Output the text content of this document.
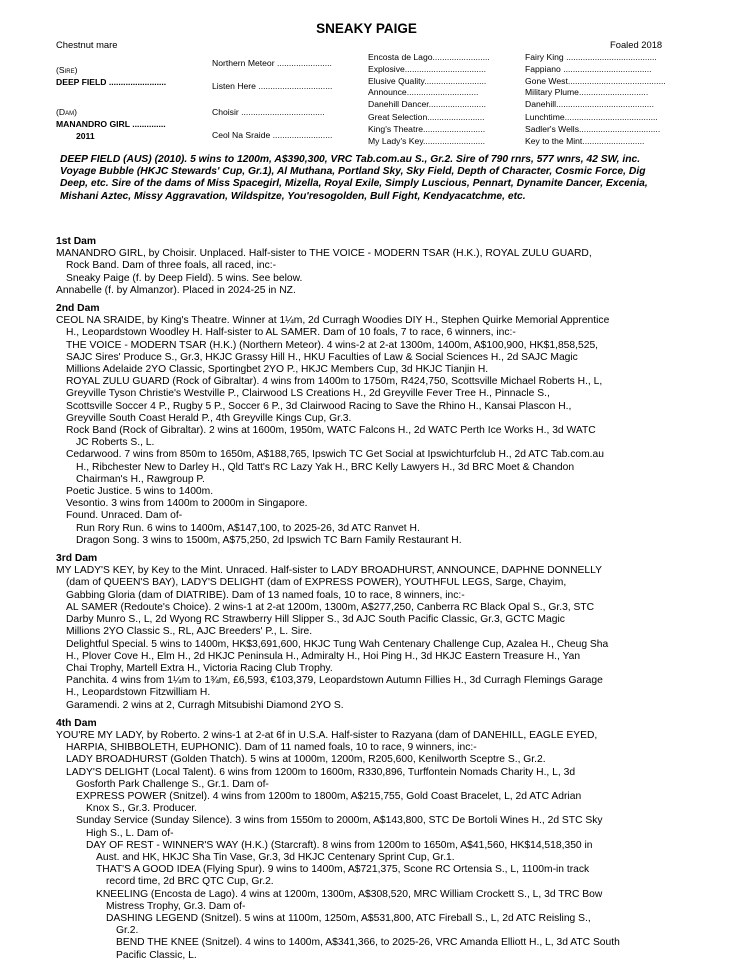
SNEAKY PAIGE
Chestnut mare	Foaled 2018
(Sire)
DEEP FIELD ........................
(Dam)
MANANDRO GIRL ..............
2011
Northern Meteor .......................
Listen Here ...............................
Choisir ...................................
Ceol Na Sraide .........................
Encosta de Lago........................
Explosive..................................
Elusive Quality..........................
Announce..............................
Danehill Dancer........................
Great Selection........................
King's Theatre..........................
My Lady's Key..........................
Fairy King ......................................
Fappiano .....................................
Gone West.........................................
Military Plume.............................
Danehill.........................................
Lunchtime.......................................
Sadler's Wells..................................
Key to the Mint..........................
DEEP FIELD (AUS) (2010). 5 wins to 1200m, A$390,300, VRC Tab.com.au S., Gr.2. Sire of 790 rnrs, 577 wnrs, 42 SW, inc. Voyage Bubble (HKJC Stewards' Cup, Gr.1), Al Muthana, Portland Sky, Sky Field, Depth of Character, Cosmic Force, Dig Deep, etc. Sire of the dams of Miss Spacegirl, Mizella, Royal Exile, Simply Luscious, Pennart, Dynamite Dancer, Excenia, Mishani Aztec, Missy Aggravation, Wildspitze, You'resogolden, Bull Fight, Kendyacatchme, etc.
1st Dam
MANANDRO GIRL, by Choisir. Unplaced. Half-sister to THE VOICE - MODERN TSAR (H.K.), ROYAL ZULU GUARD,
Rock Band. Dam of three foals, all raced, inc:-
Sneaky Paige (f. by Deep Field). 5 wins. See below.
Annabelle (f. by Almanzor). Placed in 2024-25 in NZ.
2nd Dam
CEOL NA SRAIDE, by King's Theatre. Winner at 1¼m, 2d Curragh Woodies DIY H., Stephen Quirke Memorial Apprentice
H., Leopardstown Woodley H. Half-sister to AL SAMER. Dam of 10 foals, 7 to race, 6 winners, inc:-
THE VOICE - MODERN TSAR (H.K.) (Northern Meteor). 4 wins-2 at 2-at 1300m, 1400m, A$100,900, HK$1,858,525,
SAJC Sires' Produce S., Gr.3, HKJC Grassy Hill H., HKU Faculties of Law & Social Sciences H., 2d SAJC Magic
Millions Adelaide 2YO Classic, Sportingbet 2YO P., HKJC Members Cup, 3d HKJC Tianjin H.
ROYAL ZULU GUARD (Rock of Gibraltar). 4 wins from 1400m to 1750m, R424,750, Scottsville Michael Roberts H., L,
Greyville Tyson Christie's Westville P., Clairwood LS Creations H., 2d Greyville Fever Tree H., Pinnacle S.,
Scottsville Soccer 4 P., Rugby 5 P., Soccer 6 P., 3d Clairwood Racing to Save the Rhino H., Kansai Plascon H.,
Greyville South Coast Herald P., 4th Greyville Kings Cup, Gr.3.
Rock Band (Rock of Gibraltar). 2 wins at 1600m, 1950m, WATC Falcons H., 2d WATC Perth Ice Works H., 3d WATC
JC Roberts S., L.
Cedarwood. 7 wins from 850m to 1650m, A$188,765, Ipswich TC Get Social at Ipswichturfclub H., 2d ATC Tab.com.au
H., Ribchester New to Darley H., Qld Tatt's RC Lazy Yak H., BRC Kelly Lawyers H., 3d BRC Moet & Chandon
Chairman's H., Rawgroup P.
Poetic Justice. 5 wins to 1400m.
Vesontio. 3 wins from 1400m to 2000m in Singapore.
Found. Unraced. Dam of-
Run Rory Run. 6 wins to 1400m, A$147,100, to 2025-26, 3d ATC Ranvet H.
Dragon Song. 3 wins to 1500m, A$75,250, 2d Ipswich TC Barn Family Restaurant H.
3rd Dam
MY LADY'S KEY, by Key to the Mint. Unraced. Half-sister to LADY BROADHURST, ANNOUNCE, DAPHNE DONNELLY
(dam of QUEEN'S BAY), LADY'S DELIGHT (dam of EXPRESS POWER), YOUTHFUL LEGS, Sarge, Chayim,
Gabbing Gloria (dam of DIATRIBE). Dam of 13 named foals, 10 to race, 8 winners, inc:-
AL SAMER (Redoute's Choice). 2 wins-1 at 2-at 1200m, 1300m, A$277,250, Canberra RC Black Opal S., Gr.3, STC
Darby Munro S., L, 2d Wyong RC Strawberry Hill Slipper S., 3d AJC South Pacific Classic, Gr.3, GCTC Magic
Millions 2YO Classic S., RL, AJC Breeders' P., L. Sire.
Delightful Special. 5 wins to 1400m, HK$3,691,600, HKJC Tung Wah Centenary Challenge Cup, Azalea H., Cheug Sha
H., Plover Cove H., Elm H., 2d HKJC Peninsula H., Admiralty H., Hoi Ping H., 3d HKJC Eastern Treasure H., Yan
Chai Trophy, Martell Extra H., Victoria Racing Club Trophy.
Panchita. 4 wins from 1¼m to 1¾m, £6,593, €103,379, Leopardstown Autumn Fillies H., 3d Curragh Flemings Garage
H., Leopardstown Fitzwilliam H.
Garamendi. 2 wins at 2, Curragh Mitsubishi Diamond 2YO S.
4th Dam
YOU'RE MY LADY, by Roberto. 2 wins-1 at 2-at 6f in U.S.A. Half-sister to Razyana (dam of DANEHILL, EAGLE EYED,
HARPIA, SHIBBOLETH, EUPHONIC). Dam of 11 named foals, 10 to race, 9 winners, inc:-
LADY BROADHURST (Golden Thatch). 5 wins at 1000m, 1200m, R205,600, Kenilworth Sceptre S., Gr.2.
LADY'S DELIGHT (Local Talent). 6 wins from 1200m to 1600m, R330,896, Turffontein Nomads Charity H., L, 3d
Gosforth Park Challenge S., Gr.1. Dam of-
EXPRESS POWER (Snitzel). 4 wins from 1200m to 1800m, A$215,755, Gold Coast Bracelet, L, 2d ATC Adrian
Knox S., Gr.3. Producer.
Sunday Service (Sunday Silence). 3 wins from 1550m to 2000m, A$143,800, STC De Bortoli Wines H., 2d STC Sky
High S., L. Dam of-
DAY OF REST - WINNER'S WAY (H.K.) (Starcraft). 8 wins from 1200m to 1650m, A$41,560, HK$14,518,350 in
Aust. and HK, HKJC Sha Tin Vase, Gr.3, 3d HKJC Centenary Sprint Cup, Gr.1.
THAT'S A GOOD IDEA (Flying Spur). 9 wins to 1400m, A$721,375, Scone RC Ortensia S., L, 1100m-in track
record time, 2d BRC QTC Cup, Gr.2.
KNEELING (Encosta de Lago). 4 wins at 1200m, 1300m, A$308,520, MRC William Crockett S., L, 3d TRC Bow
Mistress Trophy, Gr.3. Dam of-
DASHING LEGEND (Snitzel). 5 wins at 1100m, 1250m, A$531,800, ATC Fireball S., L, 2d ATC Reisling S.,
Gr.2.
BEND THE KNEE (Snitzel). 4 wins to 1400m, A$341,366, to 2025-26, VRC Amanda Elliott H., L, 3d ATC South
Pacific Classic, L.
